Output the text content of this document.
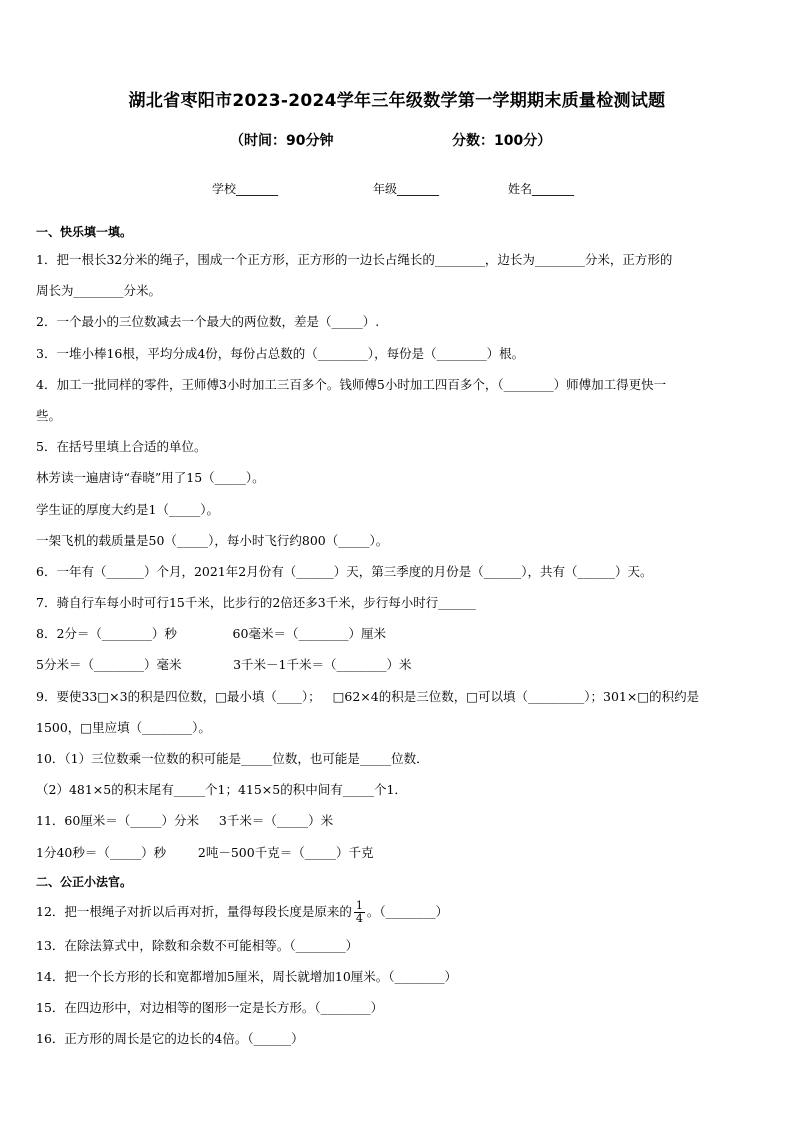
湖北省枣阳市2023-2024学年三年级数学第一学期期末质量检测试题
（时间：90分钟	分数：100分）
学校_______	年级_______	姓名_______
一、快乐填一填。
1．把一根长32分米的绳子，围成一个正方形，正方形的一边长占绳长的________，边长为________分米，正方形的
周长为________分米。
2．一个最小的三位数减去一个最大的两位数，差是（_____）.
3．一堆小棒16根，平均分成4份，每份占总数的（________），每份是（________）根。
4．加工一批同样的零件，王师傅3小时加工三百多个。钱师傅5小时加工四百多个，（________）师傅加工得更快一
些。
5．在括号里填上合适的单位。
林芳读一遍唐诗“春晓”用了15（_____）。
学生证的厚度大约是1（_____）。
一架飞机的载质量是50（_____），每小时飞行约800（_____）。
6．一年有（______）个月，2021年2月份有（______）天，第三季度的月份是（______），共有（______）天。
7．骑自行车每小时可行15千米，比步行的2倍还多3千米，步行每小时行______
8．2分＝（________）秒              60毫米＝（________）厘米
5分米＝（________）毫米             3千米－1千米＝（________）米
9．要使33□×3的积是四位数，□最小填（____）；   □62×4的积是三位数，□可以填（_________）；301×□的积约是
1500，□里应填（________）。
10．（1）三位数乘一位数的积可能是_____位数，也可能是_____位数．
（2）481×5的积末尾有_____个1；415×5的积中间有_____个1．
11．60厘米＝（_____）分米     3千米＝（_____）米
1分40秒＝（_____）秒        2吨－500千克＝（_____）千克
二、公正小法官。
12．把一根绳子对折以后再对折，量得每段长度是原来的 $\frac{1}{4}$ 。（________）
13．在除法算式中，除数和余数不可能相等。（________）
14．把一个长方形的长和宽都增加5厘米，周长就增加10厘米。（________）
15．在四边形中，对边相等的图形一定是长方形。（________）
16．正方形的周长是它的边长的4倍。（______）
